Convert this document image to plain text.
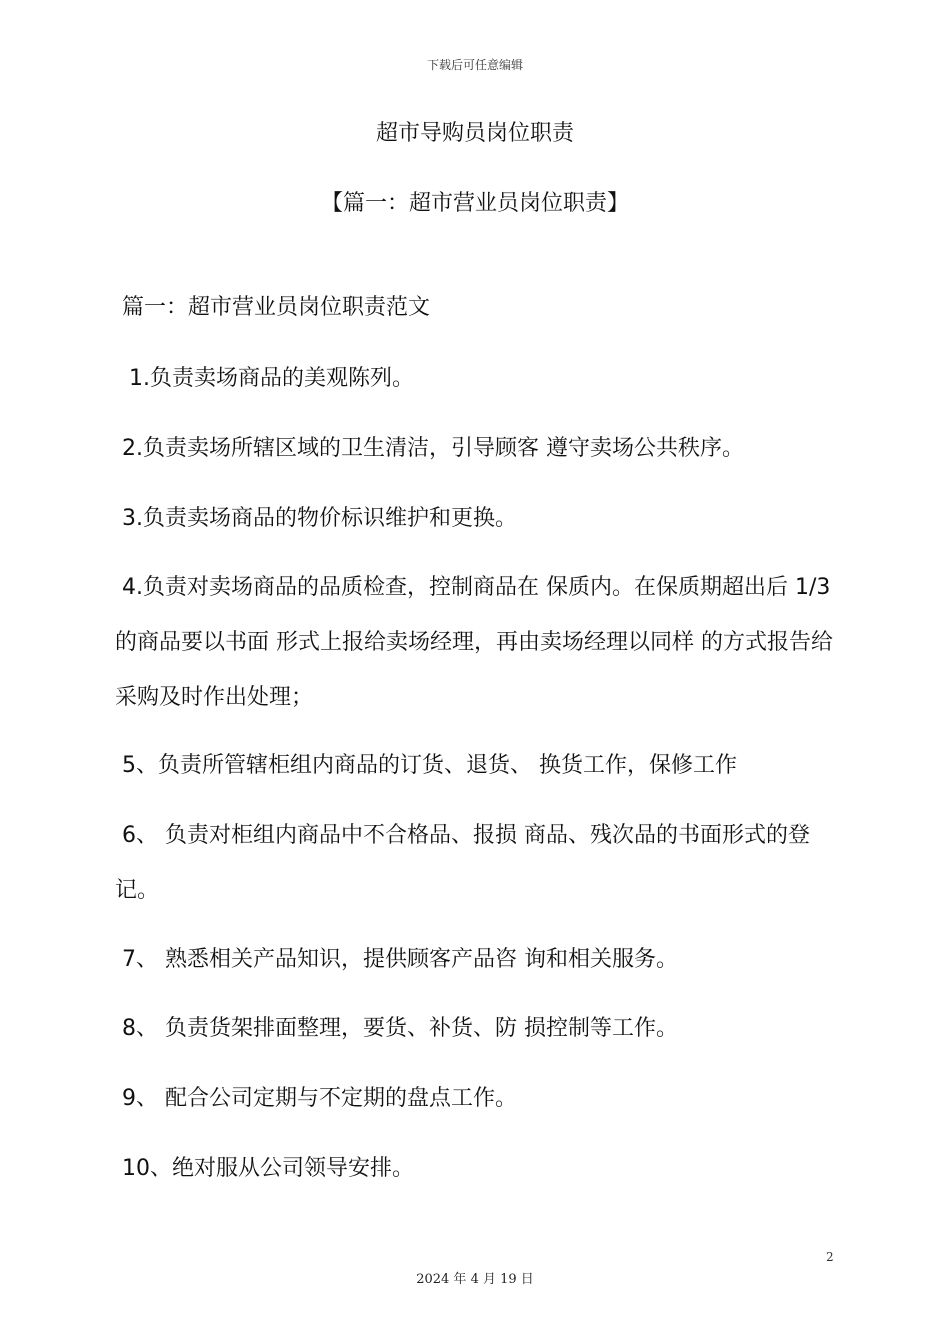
下载后可任意编辑
超市导购员岗位职责
【篇一：超市营业员岗位职责】
篇一：超市营业员岗位职责范文
1.负责卖场商品的美观陈列。
2.负责卖场所辖区域的卫生清洁，引导顾客 遵守卖场公共秩序。
3.负责卖场商品的物价标识维护和更换。
4.负责对卖场商品的品质检查，控制商品在 保质内。在保质期超出后 1/3 的商品要以书面 形式上报给卖场经理，再由卖场经理以同样 的方式报告给采购及时作出处理；
5、负责所管辖柜组内商品的订货、退货、 换货工作，保修工作
6、 负责对柜组内商品中不合格品、报损 商品、残次品的书面形式的登记。
7、 熟悉相关产品知识，提供顾客产品咨 询和相关服务。
8、 负责货架排面整理，要货、补货、防 损控制等工作。
9、 配合公司定期与不定期的盘点工作。
10、绝对服从公司领导安排。
2
2024 年 4 月 19 日
